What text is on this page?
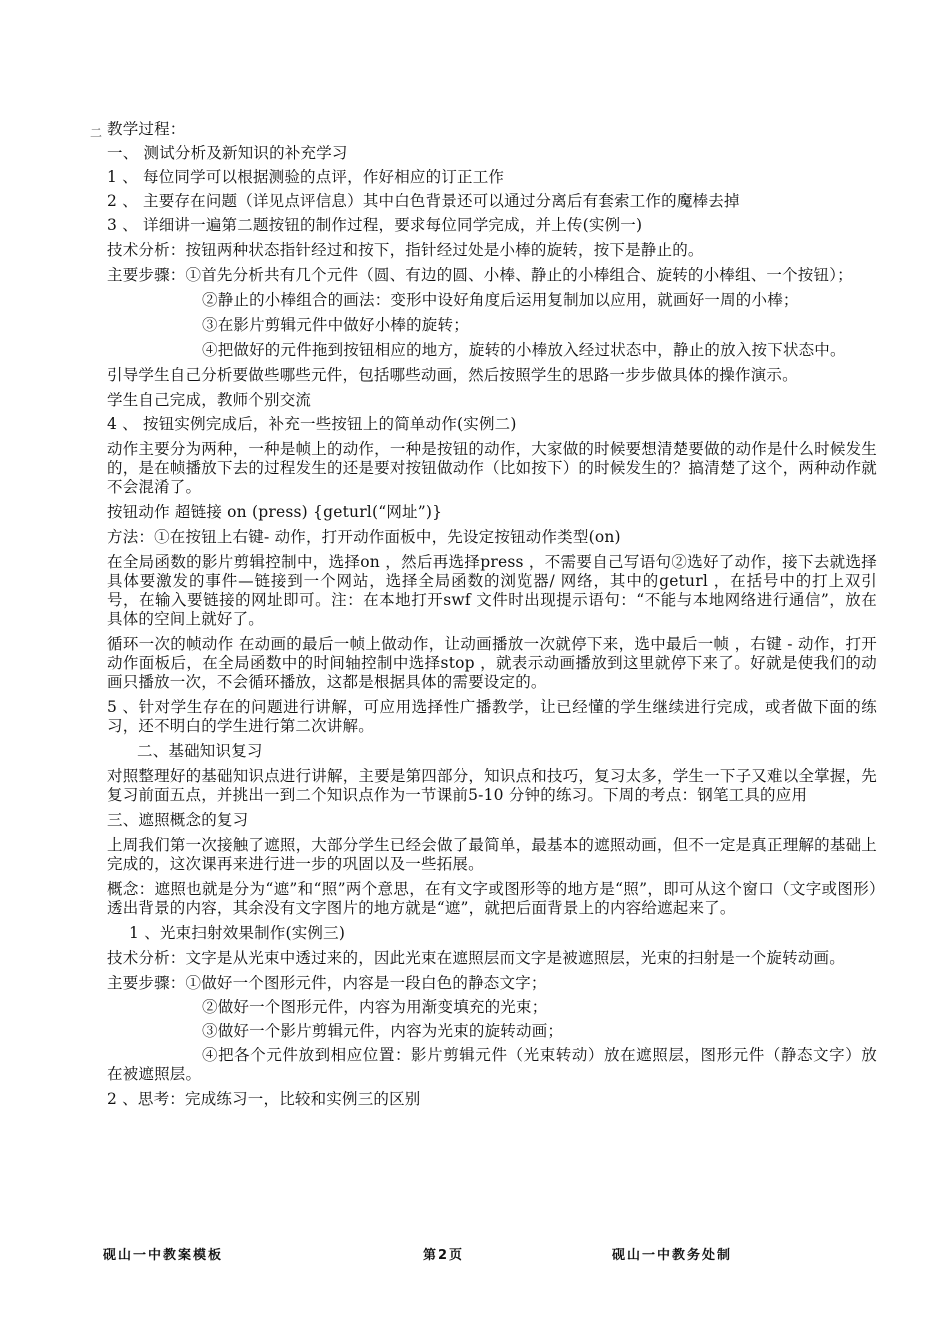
二 教学过程：

一、 测试分析及新知识的补充学习

1 、 每位同学可以根据测验的点评，作好相应的订正工作

2 、 主要存在问题（详见点评信息）其中白色背景还可以通过分离后有套索工作的魔棒去掉

3 、 详细讲一遍第二题按钮的制作过程，要求每位同学完成，并上传(实例一)

技术分析：按钮两种状态指针经过和按下，指针经过处是小棒的旋转，按下是静止的。

主要步骤：①首先分析共有几个元件（圆、有边的圆、小棒、静止的小棒组合、旋转的小棒组、一个按钮）；

②静止的小棒组合的画法：变形中设好角度后运用复制加以应用，就画好一周的小棒；

③在影片剪辑元件中做好小棒的旋转；

④把做好的元件拖到按钮相应的地方，旋转的小棒放入经过状态中，静止的放入按下状态中。

引导学生自己分析要做些哪些元件，包括哪些动画，然后按照学生的思路一步步做具体的操作演示。

学生自己完成，教师个别交流

4 、 按钮实例完成后，补充一些按钮上的简单动作(实例二)

动作主要分为两种，一种是帧上的动作，一种是按钮的动作，大家做的时候要想清楚要做的动作是什么时候发生的，是在帧播放下去的过程发生的还是要对按钮做动作（比如按下）的时候发生的？搞清楚了这个，两种动作就不会混淆了。

按钮动作 超链接 on (press) {geturl(“网址”)}

方法：①在按钮上右键- 动作，打开动作面板中，先设定按钮动作类型(on)

在全局函数的影片剪辑控制中，选择on ，然后再选择press ，不需要自己写语句②选好了动作，接下去就选择具体要激发的事件—链接到一个网站，选择全局函数的浏览器/ 网络，其中的geturl ，在括号中的打上双引号，在输入要链接的网址即可。注：在本地打开swf 文件时出现提示语句：“不能与本地网络进行通信”，放在具体的空间上就好了。

循环一次的帧动作 在动画的最后一帧上做动作，让动画播放一次就停下来，选中最后一帧 ，右键 - 动作，打开动作面板后，在全局函数中的时间轴控制中选择stop ，就表示动画播放到这里就停下来了。好就是使我们的动画只播放一次，不会循环播放，这都是根据具体的需要设定的。

5 、针对学生存在的问题进行讲解，可应用选择性广播教学，让已经懂的学生继续进行完成，或者做下面的练习，还不明白的学生进行第二次讲解。

二、基础知识复习

对照整理好的基础知识点进行讲解，主要是第四部分，知识点和技巧，复习太多，学生一下子又难以全掌握，先复习前面五点，并挑出一到二个知识点作为一节课前5-10 分钟的练习。下周的考点：钢笔工具的应用

三、遮照概念的复习

上周我们第一次接触了遮照，大部分学生已经会做了最简单，最基本的遮照动画，但不一定是真正理解的基础上完成的，这次课再来进行进一步的巩固以及一些拓展。

概念：遮照也就是分为“遮”和“照”两个意思，在有文字或图形等的地方是“照”，即可从这个窗口（文字或图形）透出背景的内容，其余没有文字图片的地方就是“遮”，就把后面背景上的内容给遮起来了。

1 、光束扫射效果制作(实例三)

技术分析：文字是从光束中透过来的，因此光束在遮照层而文字是被遮照层，光束的扫射是一个旋转动画。

主要步骤：①做好一个图形元件，内容是一段白色的静态文字；

②做好一个图形元件，内容为用渐变填充的光束；

③做好一个影片剪辑元件，内容为光束的旋转动画；

④把各个元件放到相应位置：影片剪辑元件（光束转动）放在遮照层，图形元件（静态文字）放在被遮照层。

2 、思考：完成练习一，比较和实例三的区别

砚山一中教案模板	第2页	砚山一中教务处制
